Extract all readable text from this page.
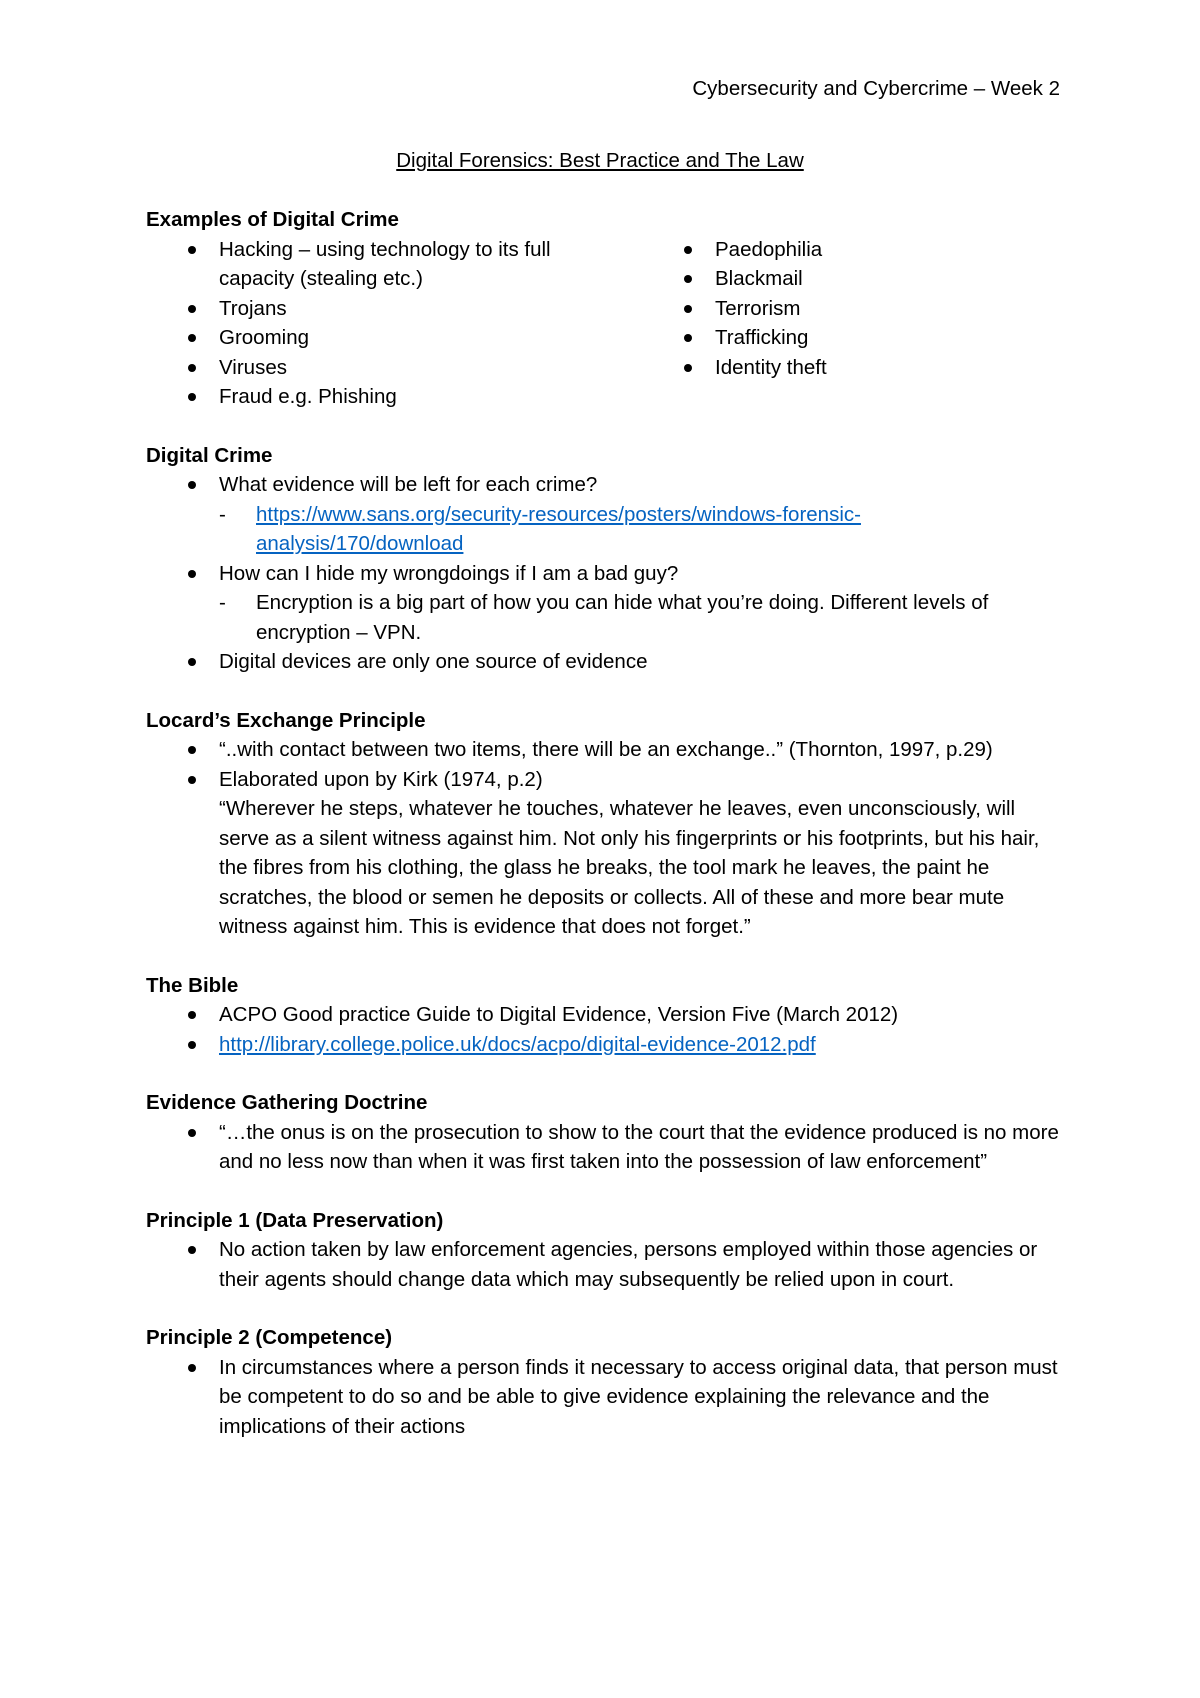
Cybersecurity and Cybercrime – Week 2
Digital Forensics: Best Practice and The Law
Examples of Digital Crime
Hacking – using technology to its full capacity (stealing etc.)
Trojans
Grooming
Viruses
Fraud e.g. Phishing
Paedophilia
Blackmail
Terrorism
Trafficking
Identity theft
Digital Crime
What evidence will be left for each crime?
- https://www.sans.org/security-resources/posters/windows-forensic-analysis/170/download
How can I hide my wrongdoings if I am a bad guy?
- Encryption is a big part of how you can hide what you’re doing. Different levels of encryption – VPN.
Digital devices are only one source of evidence
Locard’s Exchange Principle
“..with contact between two items, there will be an exchange..” (Thornton, 1997, p.29)
Elaborated upon by Kirk (1974, p.2)
“Wherever he steps, whatever he touches, whatever he leaves, even unconsciously, will serve as a silent witness against him. Not only his fingerprints or his footprints, but his hair, the fibres from his clothing, the glass he breaks, the tool mark he leaves, the paint he scratches, the blood or semen he deposits or collects. All of these and more bear mute witness against him. This is evidence that does not forget.”
The Bible
ACPO Good practice Guide to Digital Evidence, Version Five (March 2012)
http://library.college.police.uk/docs/acpo/digital-evidence-2012.pdf
Evidence Gathering Doctrine
“…the onus is on the prosecution to show to the court that the evidence produced is no more and no less now than when it was first taken into the possession of law enforcement”
Principle 1 (Data Preservation)
No action taken by law enforcement agencies, persons employed within those agencies or their agents should change data which may subsequently be relied upon in court.
Principle 2 (Competence)
In circumstances where a person finds it necessary to access original data, that person must be competent to do so and be able to give evidence explaining the relevance and the implications of their actions
